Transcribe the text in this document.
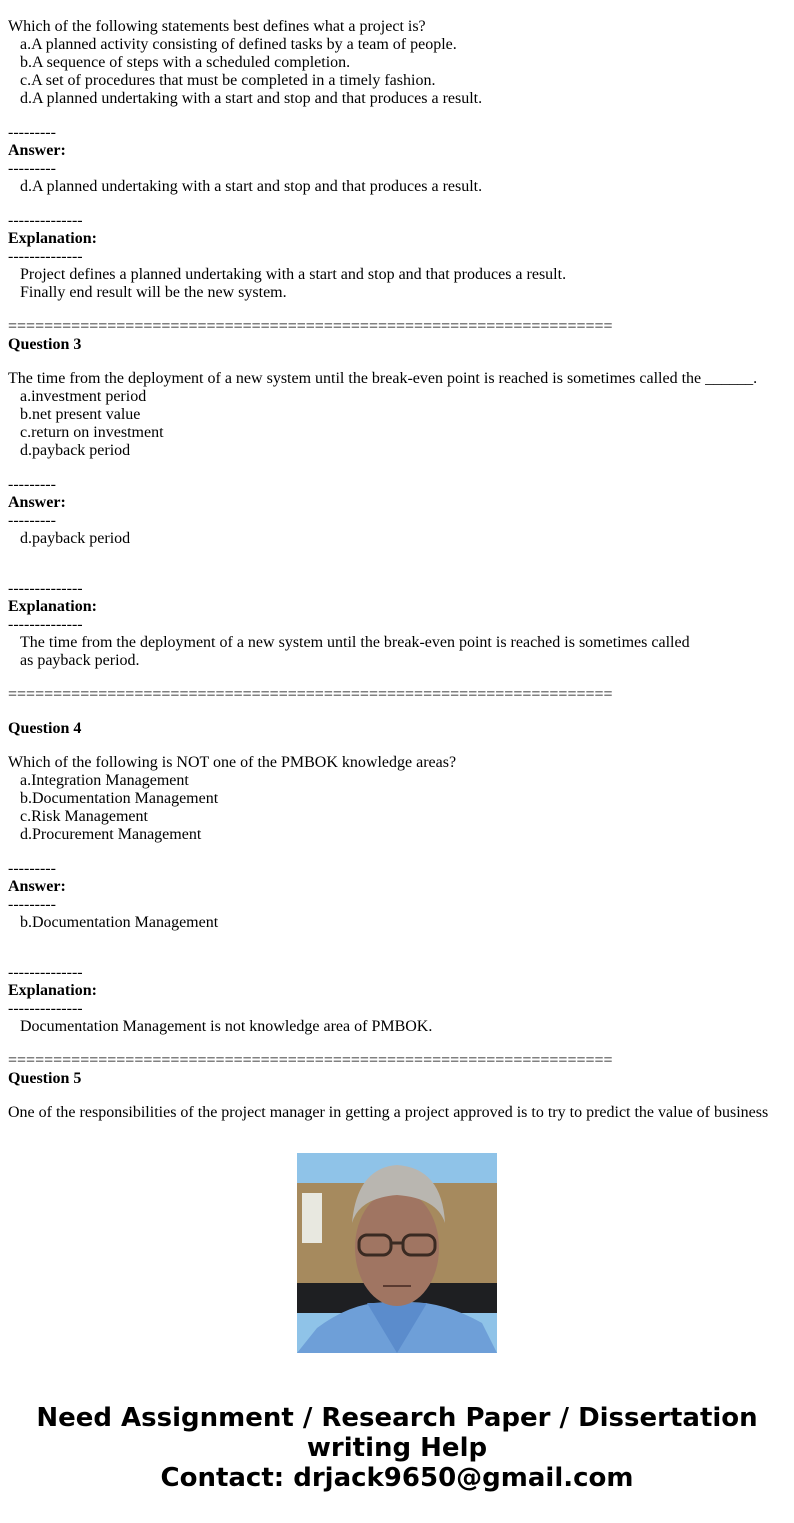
Which of the following statements best defines what a project is?
a.A planned activity consisting of defined tasks by a team of people.
b.A sequence of steps with a scheduled completion.
c.A set of procedures that must be completed in a timely fashion.
d.A planned undertaking with a start and stop and that produces a result.
---------
Answer:
---------
d.A planned undertaking with a start and stop and that produces a result.
--------------
Explanation:
--------------
Project defines a planned undertaking with a start and stop and that produces a result.
Finally end result will be the new system.
===================================================================
Question 3
The time from the deployment of a new system until the break-even point is reached is sometimes called the ______.
a.investment period
b.net present value
c.return on investment
d.payback period
---------
Answer:
---------
d.payback period
--------------
Explanation:
--------------
The time from the deployment of a new system until the break-even point is reached is sometimes called
as payback period.
===================================================================
Question 4
Which of the following is NOT one of the PMBOK knowledge areas?
a.Integration Management
b.Documentation Management
c.Risk Management
d.Procurement Management
---------
Answer:
---------
b.Documentation Management
--------------
Explanation:
--------------
Documentation Management is not knowledge area of PMBOK.
===================================================================
Question 5
One of the responsibilities of the project manager in getting a project approved is to try to predict the value of business
Need Assignment / Research Paper / Dissertation
writing Help
Contact: drjack9650@gmail.com
